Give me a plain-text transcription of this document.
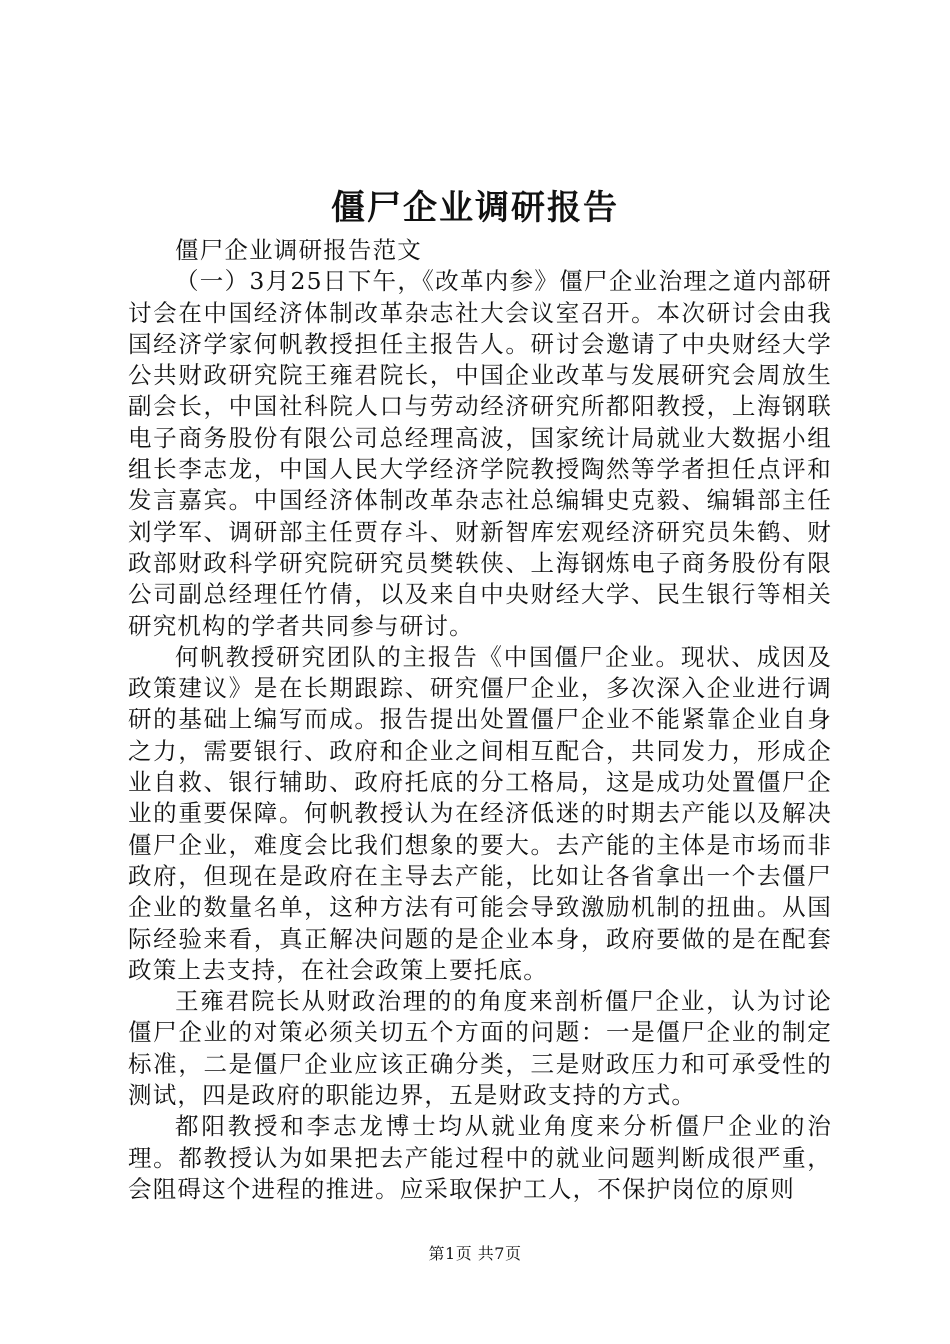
僵尸企业调研报告

僵尸企业调研报告范文

（一）3月25日下午，《改革内参》僵尸企业治理之道内部研讨会在中国经济体制改革杂志社大会议室召开。本次研讨会由我国经济学家何帆教授担任主报告人。研讨会邀请了中央财经大学公共财政研究院王雍君院长，中国企业改革与发展研究会周放生副会长，中国社科院人口与劳动经济研究所都阳教授，上海钢联电子商务股份有限公司总经理高波，国家统计局就业大数据小组组长李志龙，中国人民大学经济学院教授陶然等学者担任点评和发言嘉宾。中国经济体制改革杂志社总编辑史克毅、编辑部主任刘学军、调研部主任贾存斗、财新智库宏观经济研究员朱鹤、财政部财政科学研究院研究员樊轶侠、上海钢炼电子商务股份有限公司副总经理任竹倩，以及来自中央财经大学、民生银行等相关研究机构的学者共同参与研讨。

何帆教授研究团队的主报告《中国僵尸企业。现状、成因及政策建议》是在长期跟踪、研究僵尸企业，多次深入企业进行调研的基础上编写而成。报告提出处置僵尸企业不能紧靠企业自身之力，需要银行、政府和企业之间相互配合，共同发力，形成企业自救、银行辅助、政府托底的分工格局，这是成功处置僵尸企业的重要保障。何帆教授认为在经济低迷的时期去产能以及解决僵尸企业，难度会比我们想象的要大。去产能的主体是市场而非政府，但现在是政府在主导去产能，比如让各省拿出一个去僵尸企业的数量名单，这种方法有可能会导致激励机制的扭曲。从国际经验来看，真正解决问题的是企业本身，政府要做的是在配套政策上去支持，在社会政策上要托底。

王雍君院长从财政治理的的角度来剖析僵尸企业，认为讨论僵尸企业的对策必须关切五个方面的问题：一是僵尸企业的制定标准，二是僵尸企业应该正确分类，三是财政压力和可承受性的测试，四是政府的职能边界，五是财政支持的方式。

都阳教授和李志龙博士均从就业角度来分析僵尸企业的治理。都教授认为如果把去产能过程中的就业问题判断成很严重，会阻碍这个进程的推进。应采取保护工人，不保护岗位的原则

第1页 共7页
